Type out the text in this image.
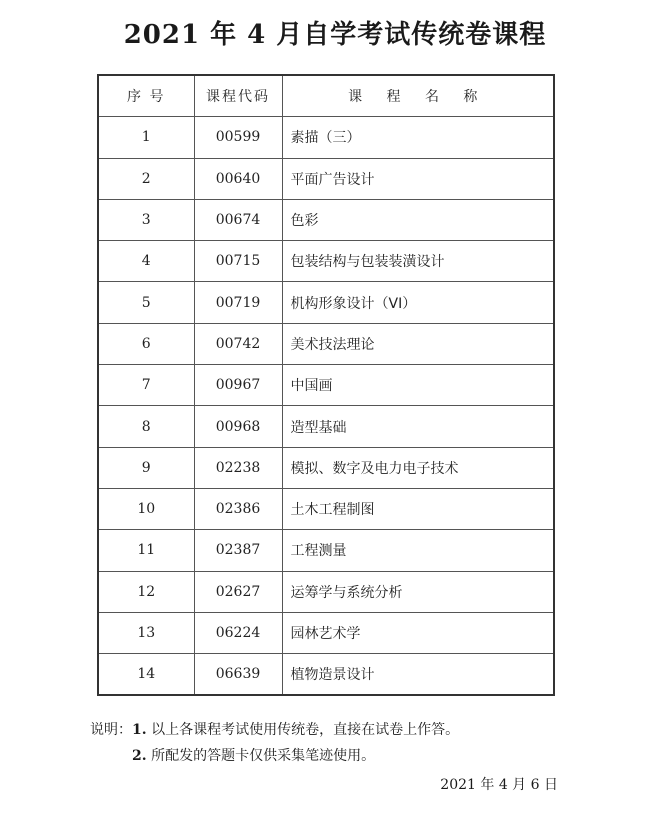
2021 年 4 月自学考试传统卷课程
序 号	课程代码	课 程 名 称
1	00599	素描（三）
2	00640	平面广告设计
3	00674	色彩
4	00715	包装结构与包装装潢设计
5	00719	机构形象设计（VI）
6	00742	美术技法理论
7	00967	中国画
8	00968	造型基础
9	02238	模拟、数字及电力电子技术
10	02386	土木工程制图
11	02387	工程测量
12	02627	运筹学与系统分析
13	06224	园林艺术学
14	06639	植物造景设计
说明：1. 以上各课程考试使用传统卷，直接在试卷上作答。
2. 所配发的答题卡仅供采集笔迹使用。
2021 年 4 月 6 日
